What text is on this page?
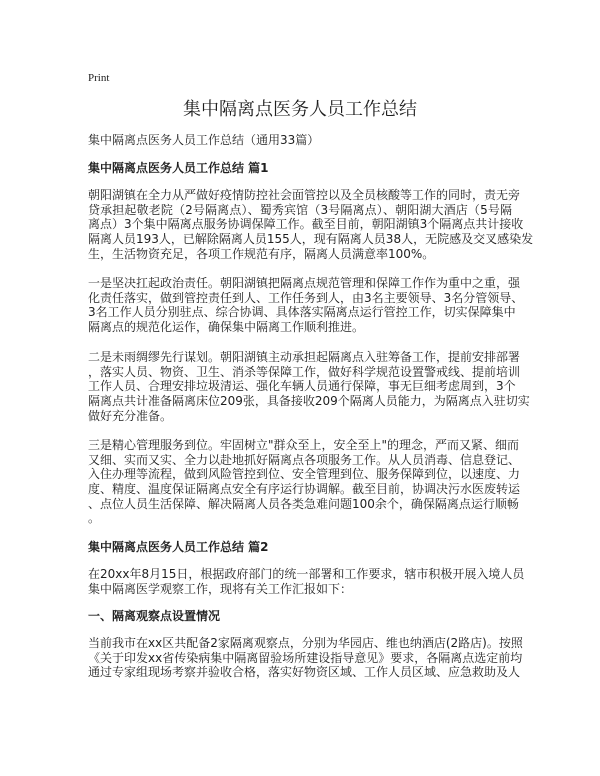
Print
集中隔离点医务人员工作总结
集中隔离点医务人员工作总结（通用33篇）
集中隔离点医务人员工作总结 篇1
朝阳湖镇在全力从严做好疫情防控社会面管控以及全员核酸等工作的同时，责无旁
贷承担起敬老院（2号隔离点）、蜀秀宾馆（3号隔离点）、朝阳湖大酒店（5号隔
离点）3个集中隔离点服务协调保障工作。截至目前，朝阳湖镇3个隔离点共计接收
隔离人员193人，已解除隔离人员155人，现有隔离人员38人，无院感及交叉感染发
生，生活物资充足，各项工作规范有序，隔离人员满意率100%。
一是坚决扛起政治责任。朝阳湖镇把隔离点规范管理和保障工作作为重中之重，强
化责任落实，做到管控责任到人、工作任务到人，由3名主要领导、3名分管领导、
3名工作人员分别驻点、综合协调、具体落实隔离点运行管控工作，切实保障集中
隔离点的规范化运作，确保集中隔离工作顺利推进。
二是未雨绸缪先行谋划。朝阳湖镇主动承担起隔离点入驻筹备工作，提前安排部署
，落实人员、物资、卫生、消杀等保障工作，做好科学规范设置警戒线、提前培训
工作人员、合理安排垃圾清运、强化车辆人员通行保障，事无巨细考虑周到，3个
隔离点共计准备隔离床位209张，具备接收209个隔离人员能力，为隔离点入驻切实
做好充分准备。
三是精心管理服务到位。牢固树立"群众至上，安全至上"的理念，严而又紧、细而
又细、实而又实、全力以赴地抓好隔离点各项服务工作。从人员消毒、信息登记、
入住办理等流程，做到风险管控到位、安全管理到位、服务保障到位，以速度、力
度、精度、温度保证隔离点安全有序运行协调解。截至目前，协调决污水医废转运
、点位人员生活保障、解决隔离人员各类急难问题100余个，确保隔离点运行顺畅
。
集中隔离点医务人员工作总结 篇2
在20xx年8月15日，根据政府部门的统一部署和工作要求，辖市积极开展入境人员
集中隔离医学观察工作，现将有关工作汇报如下：
一、隔离观察点设置情况
当前我市在xx区共配备2家隔离观察点，分别为华园店、维也纳酒店(2路店)。按照
《关于印发xx省传染病集中隔离留验场所建设指导意见》要求，各隔离点选定前均
通过专家组现场考察并验收合格，落实好物资区域、工作人员区域、应急救助及人
